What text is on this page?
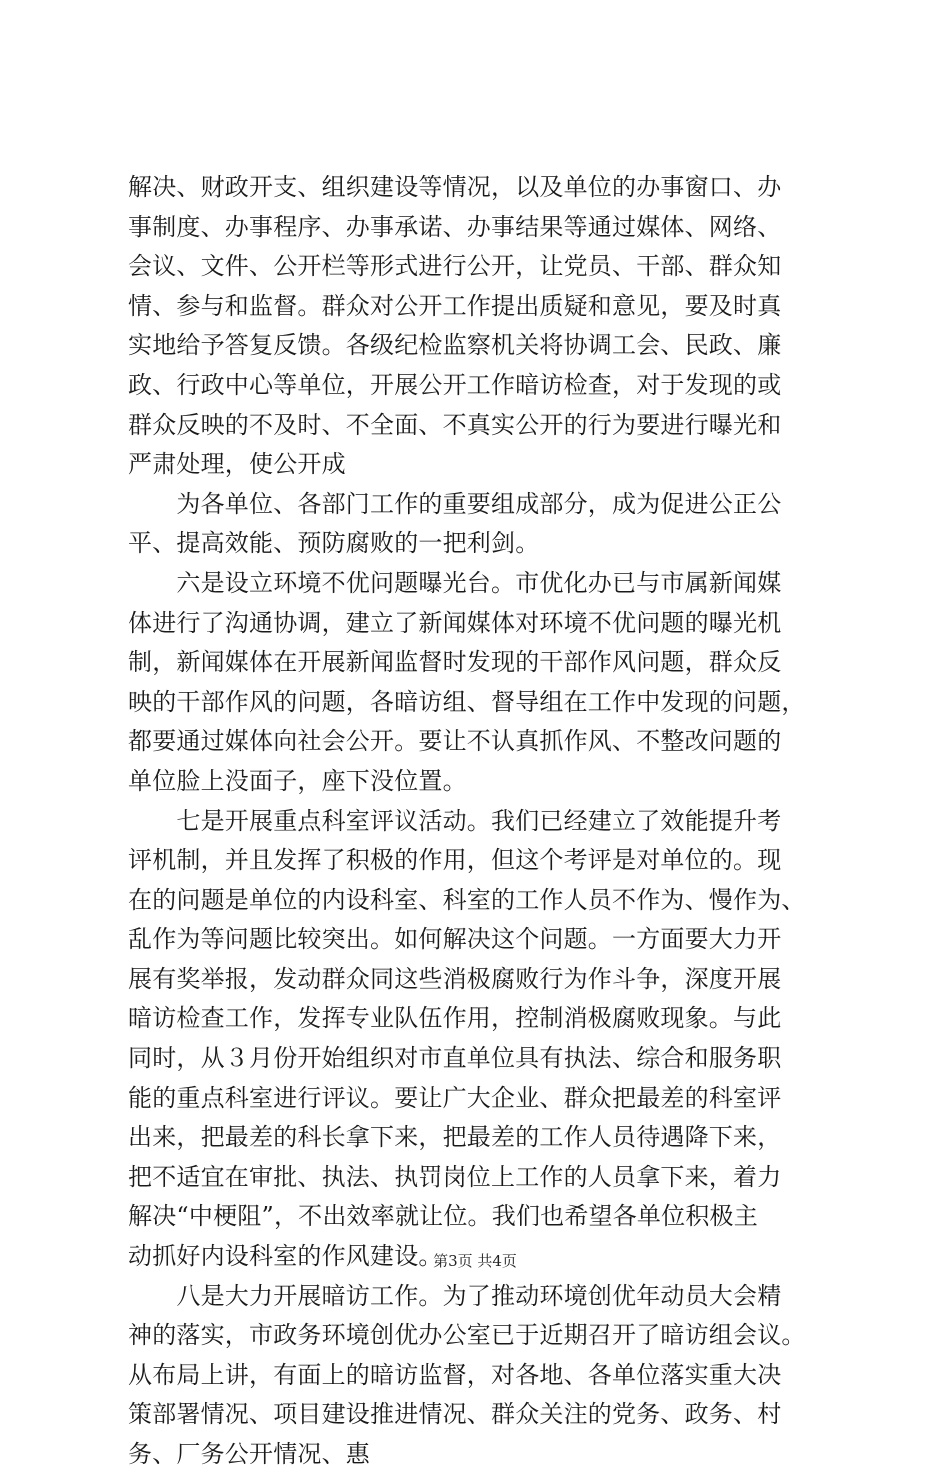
解决、财政开支、组织建设等情况，以及单位的办事窗口、办
事制度、办事程序、办事承诺、办事结果等通过媒体、网络、
会议、文件、公开栏等形式进行公开，让党员、干部、群众知
情、参与和监督。群众对公开工作提出质疑和意见，要及时真
实地给予答复反馈。各级纪检监察机关将协调工会、民政、廉
政、行政中心等单位，开展公开工作暗访检查，对于发现的或
群众反映的不及时、不全面、不真实公开的行为要进行曝光和
严肃处理，使公开成
　　为各单位、各部门工作的重要组成部分，成为促进公正公
平、提高效能、预防腐败的一把利剑。
　　六是设立环境不优问题曝光台。市优化办已与市属新闻媒
体进行了沟通协调，建立了新闻媒体对环境不优问题的曝光机
制，新闻媒体在开展新闻监督时发现的干部作风问题，群众反
映的干部作风的问题，各暗访组、督导组在工作中发现的问题，
都要通过媒体向社会公开。要让不认真抓作风、不整改问题的
单位脸上没面子，座下没位置。
　　七是开展重点科室评议活动。我们已经建立了效能提升考
评机制，并且发挥了积极的作用，但这个考评是对单位的。现
在的问题是单位的内设科室、科室的工作人员不作为、慢作为、
乱作为等问题比较突出。如何解决这个问题。一方面要大力开
展有奖举报，发动群众同这些消极腐败行为作斗争，深度开展
暗访检查工作，发挥专业队伍作用，控制消极腐败现象。与此
同时，从３月份开始组织对市直单位具有执法、综合和服务职
能的重点科室进行评议。要让广大企业、群众把最差的科室评
出来，把最差的科长拿下来，把最差的工作人员待遇降下来，
把不适宜在审批、执法、执罚岗位上工作的人员拿下来，着力
解决“中梗阻”，不出效率就让位。我们也希望各单位积极主
动抓好内设科室的作风建设。
　　八是大力开展暗访工作。为了推动环境创优年动员大会精
神的落实，市政务环境创优办公室已于近期召开了暗访组会议。
从布局上讲，有面上的暗访监督，对各地、各单位落实重大决
策部署情况、项目建设推进情况、群众关注的党务、政务、村
务、厂务公开情况、惠
第3页 共4页
